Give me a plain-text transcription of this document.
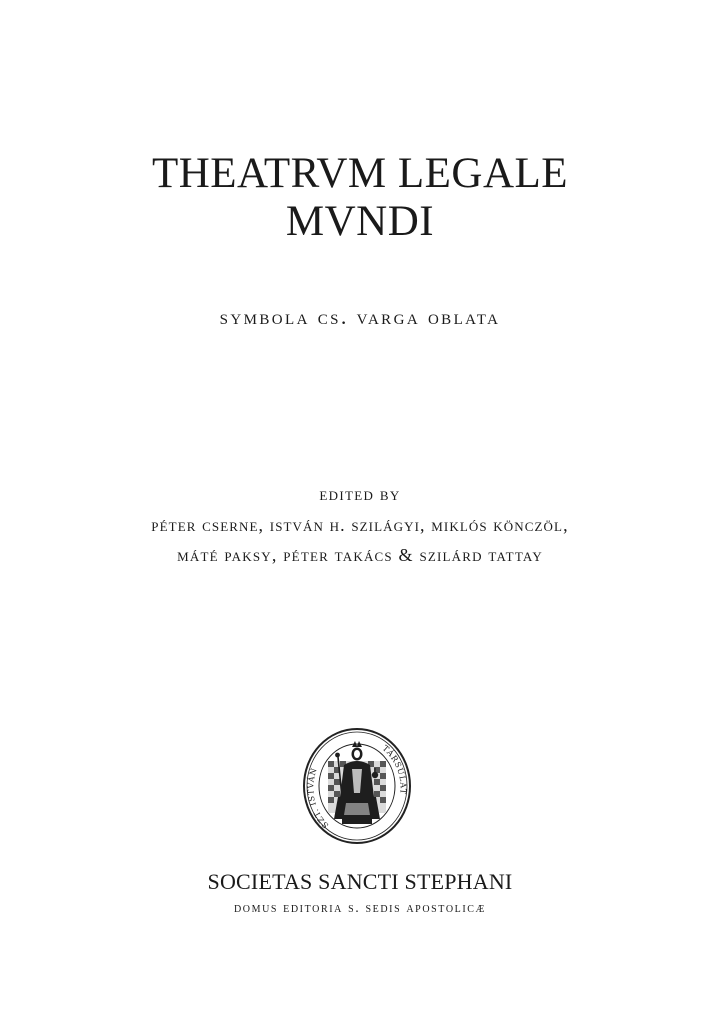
THEATRVM LEGALE
MVNDI
symbola cs. varga oblata
edited by
péter cserne, istván h. szilágyi, miklós könczöl,
máté paksy, péter takács & szilárd tattay
SZT. ISTVÁN
TÁRSULAT
SOCIETAS SANCTI STEPHANI
domus editoria s. sedis apostolicæ
